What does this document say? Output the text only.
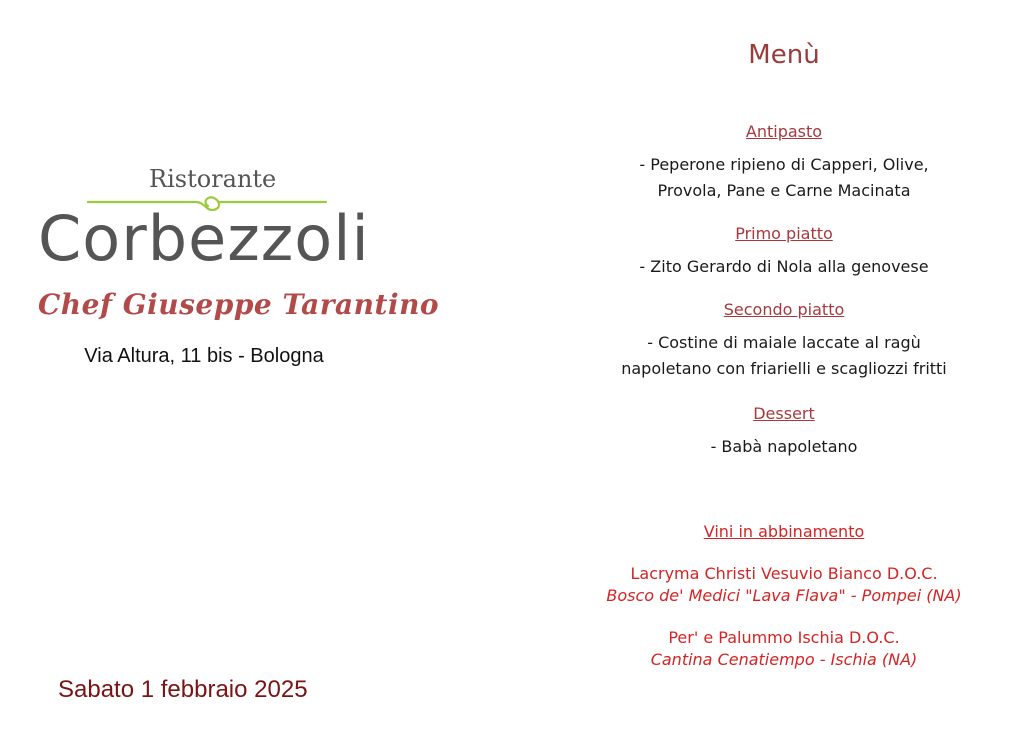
Ristorante
Corbezzoli
Chef Giuseppe Tarantino
Via Altura, 11 bis - Bologna
Sabato 1 febbraio 2025
Menù
Antipasto
- Peperone ripieno di Capperi, Olive,
Provola, Pane e Carne Macinata
Primo piatto
- Zito Gerardo di Nola alla genovese
Secondo piatto
- Costine di maiale laccate al ragù
napoletano con friarielli e scagliozzi fritti
Dessert
- Babà napoletano
Vini in abbinamento
Lacryma Christi Vesuvio Bianco D.O.C.
Bosco de' Medici "Lava Flava" - Pompei (NA)
Per' e Palummo Ischia D.O.C.
Cantina Cenatiempo - Ischia (NA)
